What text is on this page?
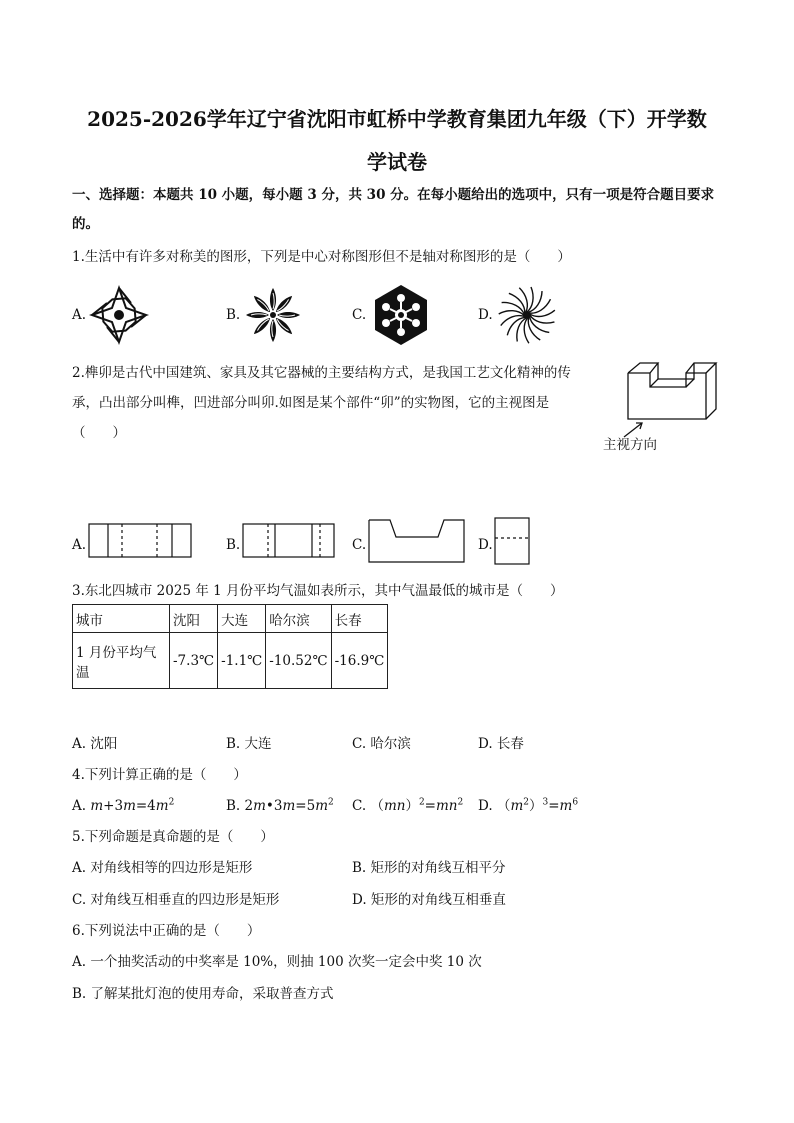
2025-2026学年辽宁省沈阳市虹桥中学教育集团九年级（下）开学数
学试卷
一、选择题：本题共 10 小题，每小题 3 分，共 30 分。在每小题给出的选项中，只有一项是符合题目要求
的。
1.生活中有许多对称美的图形，下列是中心对称图形但不是轴对称图形的是（　　）
A.	B.	C.	D.
2.榫卯是古代中国建筑、家具及其它器械的主要结构方式，是我国工艺文化精神的传
承，凸出部分叫榫，凹进部分叫卯.如图是某个部件“卯”的实物图，它的主视图是
（　　）
主视方向
A.	B.	C.	D.
3.东北四城市 2025 年 1 月份平均气温如表所示，其中气温最低的城市是（　　）
城市	沈阳	大连	哈尔滨	长春
1 月份平均气
温	-7.3℃	-1.1℃	-10.52℃	-16.9℃
A. 沈阳	B. 大连	C. 哈尔滨	D. 长春
4.下列计算正确的是（　　）
A. $m+3m=4m^2$	B. $2m•3m=5m^2$ C. $(mn)^2=mn^2$ D. $(m^2)^3=m^6$
5.下列命题是真命题的是（　　）
A. 对角线相等的四边形是矩形	B. 矩形的对角线互相平分
C. 对角线互相垂直的四边形是矩形	D. 矩形的对角线互相垂直
6.下列说法中正确的是（　　）
A. 一个抽奖活动的中奖率是 10%，则抽 100 次奖一定会中奖 10 次
B. 了解某批灯泡的使用寿命，采取普查方式
